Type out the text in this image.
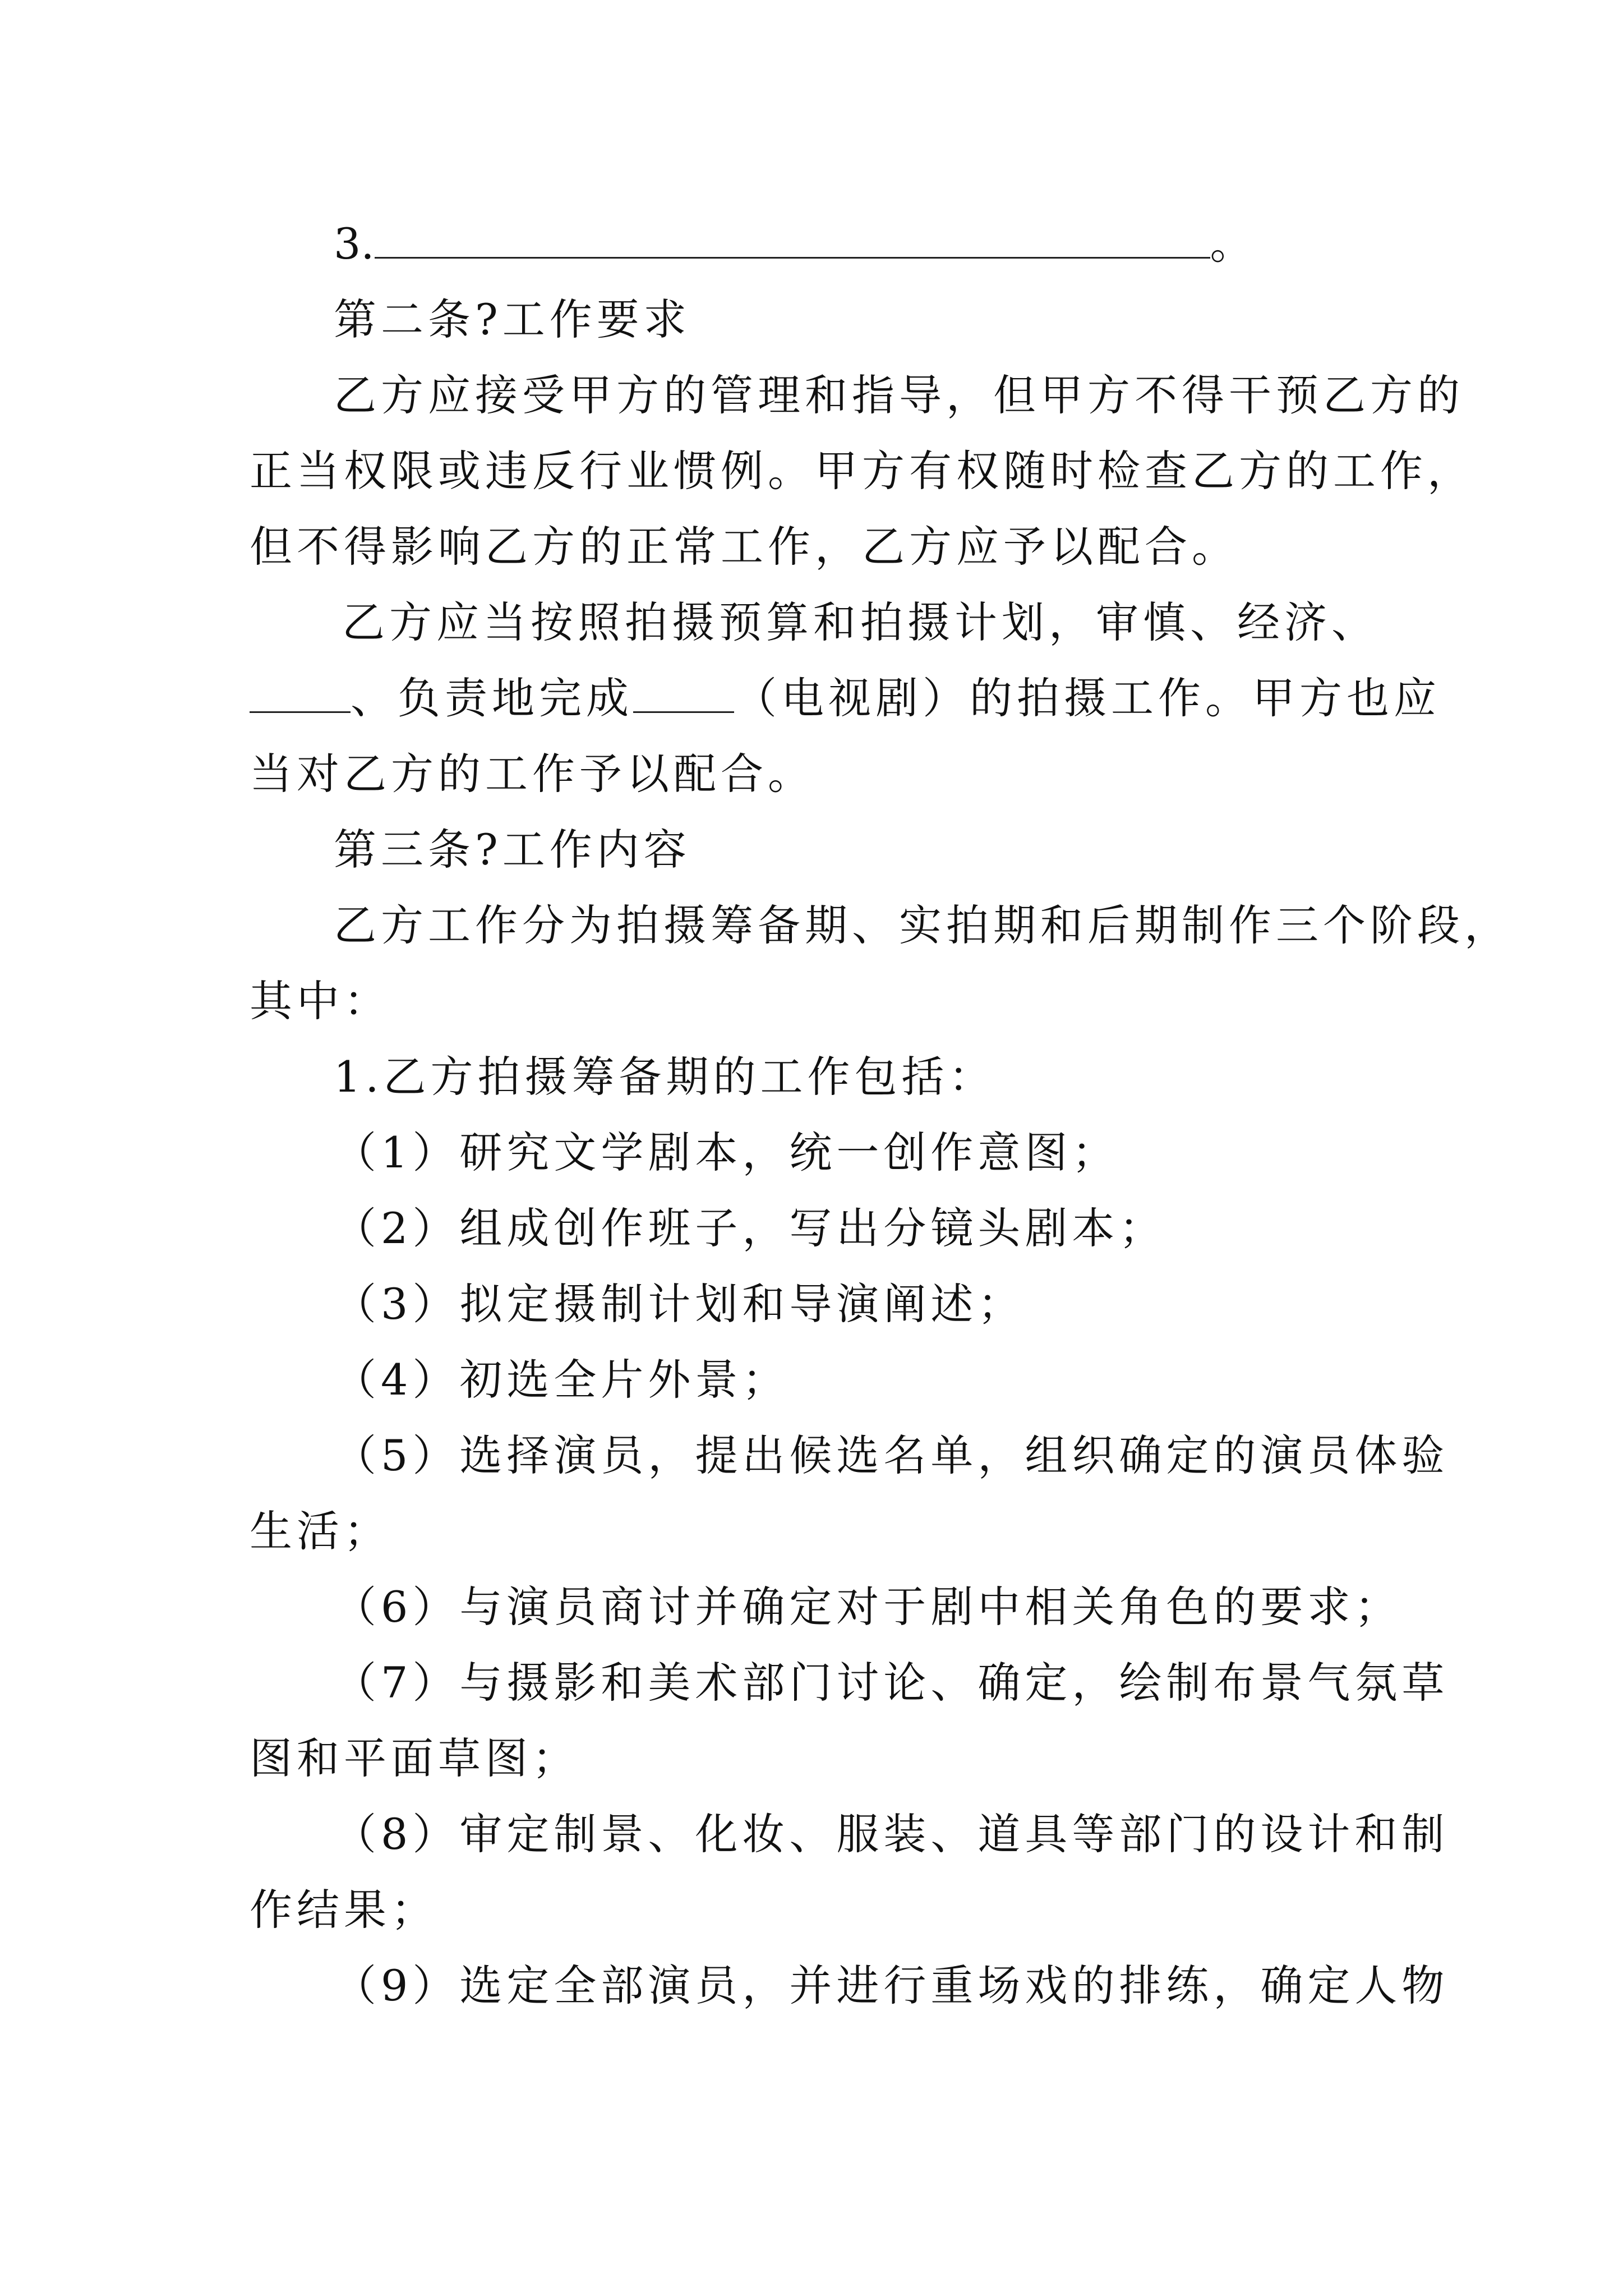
3.	。
第二条?工作要求
乙方应接受甲方的管理和指导，但甲方不得干预乙方的
正当权限或违反行业惯例。甲方有权随时检查乙方的工作，
但不得影响乙方的正常工作，乙方应予以配合。
乙方应当按照拍摄预算和拍摄计划，审慎、经济、
、负责地完成 （电视剧）的拍摄工作。甲方也应
当对乙方的工作予以配合。
第三条?工作内容
乙方工作分为拍摄筹备期、实拍期和后期制作三个阶段，
其中：
1.乙方拍摄筹备期的工作包括：
（1）研究文学剧本，统一创作意图；
（2）组成创作班子，写出分镜头剧本；
（3）拟定摄制计划和导演阐述；
（4）初选全片外景；
（5）选择演员，提出候选名单，组织确定的演员体验
生活；
（6）与演员商讨并确定对于剧中相关角色的要求；
（7）与摄影和美术部门讨论、确定，绘制布景气氛草
图和平面草图；
（8）审定制景、化妆、服装、道具等部门的设计和制
作结果；
（9）选定全部演员，并进行重场戏的排练，确定人物
